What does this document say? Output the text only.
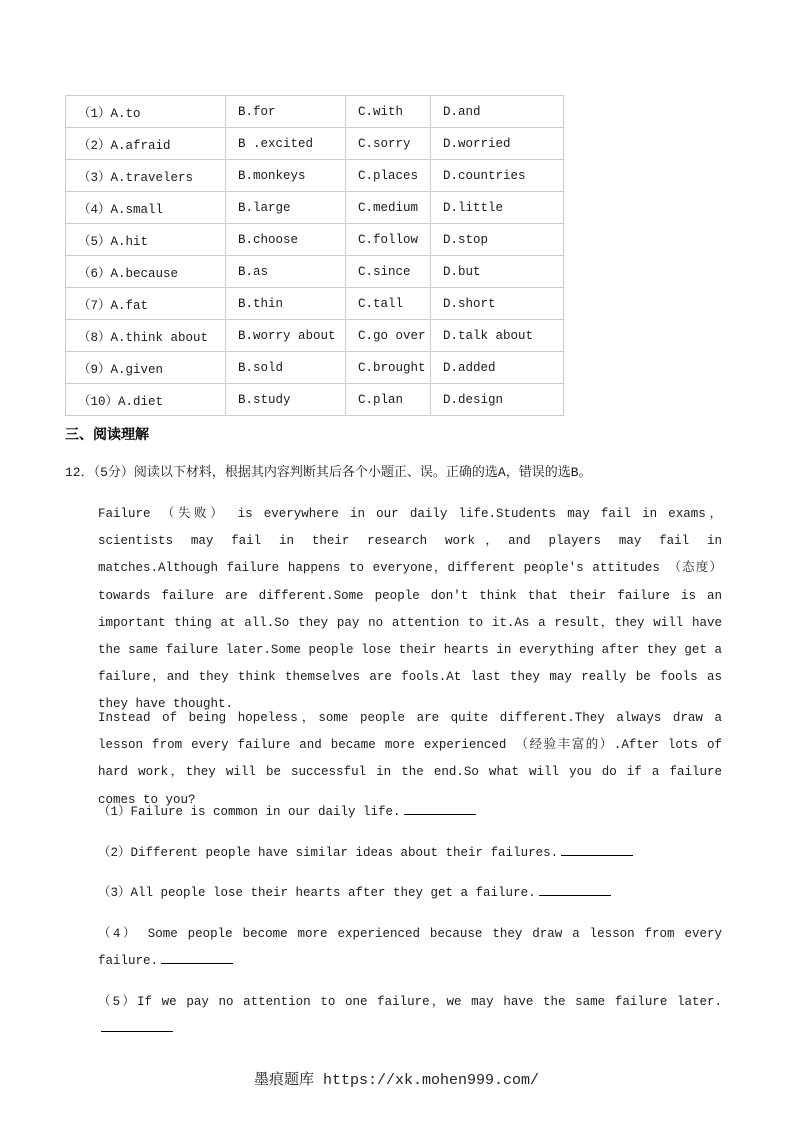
（1）A.to	B.for	C.with	D.and
（2）A.afraid	B .excited	C.sorry	D.worried
（3）A.travelers	B.monkeys	C.places	D.countries
（4）A.small	B.large	C.medium	D.little
（5）A.hit	B.choose	C.follow	D.stop
（6）A.because	B.as	C.since	D.but
（7）A.fat	B.thin	C.tall	D.short
（8）A.think about	B.worry about	C.go over	D.talk about
（9）A.given	B.sold	C.brought	D.added
（10）A.diet	B.study	C.plan	D.design
三、阅读理解
12．（5分）阅读以下材料，根据其内容判断其后各个小题正、误。正确的选A，错误的选B。

Failure （失败） is everywhere in our daily life.Students may fail in exams，scientists may fail in their research work，and players may fail in matches.Although failure happens to everyone，different people's attitudes （态度） towards failure are different.Some people don't think that their failure is an important thing at all.So they pay no attention to it.As a result，they will have the same failure later.Some people lose their hearts in everything after they get a failure，and they think themselves are fools.At last they may really be fools as they have thought.

Instead of being hopeless，some people are quite different.They always draw a lesson from every failure and became more experienced （经验丰富的）.After lots of hard work，they will be successful in the end.So what will you do if a failure comes to you?

（1）Failure is common in our daily life.
（2）Different people have similar ideas about their failures.
（3）All people lose their hearts after they get a failure.
（4） Some people become more experienced because they draw a lesson from every failure.
（5）If we pay no attention to one failure，we may have the same failure later.
墨痕题库 https://xk.mohen999.com/
